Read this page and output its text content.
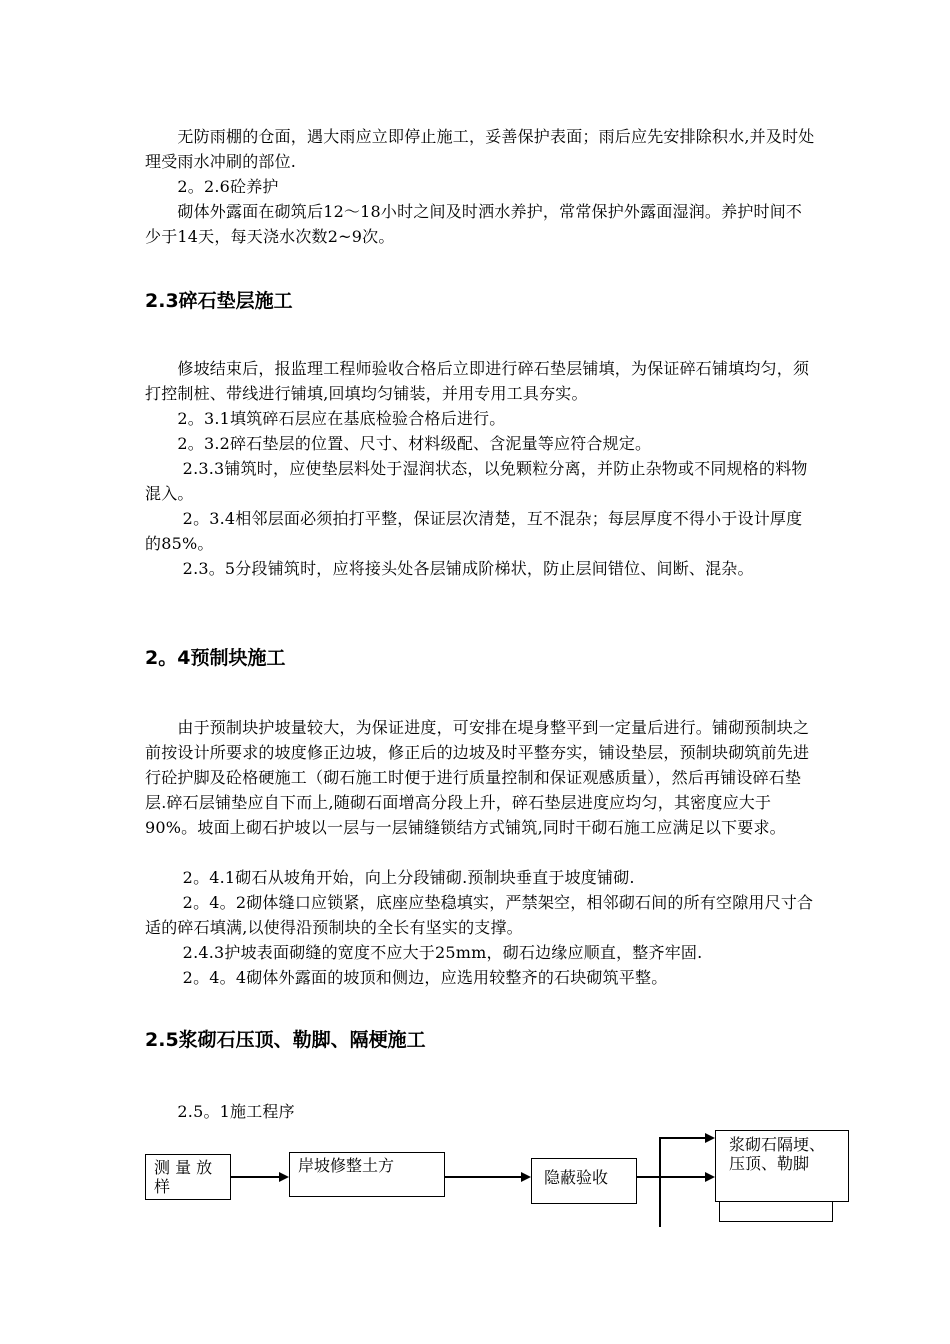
　　无防雨棚的仓面，遇大雨应立即停止施工，妥善保护表面；雨后应先安排除积水,并及时处理受雨水冲刷的部位.
　　2。2.6砼养护
　　砌体外露面在砌筑后12～18小时之间及时洒水养护，常常保护外露面湿润。养护时间不少于14天，每天浇水次数2~9次。
2.3碎石垫层施工
　　修坡结束后，报监理工程师验收合格后立即进行碎石垫层铺填，为保证碎石铺填均匀，须打控制桩、带线进行铺填,回填均匀铺装，并用专用工具夯实。
　　2。3.1填筑碎石层应在基底检验合格后进行。
　　2。3.2碎石垫层的位置、尺寸、材料级配、含泥量等应符合规定。
　　 2.3.3铺筑时，应使垫层料处于湿润状态，以免颗粒分离，并防止杂物或不同规格的料物混入。
　　 2。3.4相邻层面必须拍打平整，保证层次清楚，互不混杂；每层厚度不得小于设计厚度的85%。
　　 2.3。5分段铺筑时，应将接头处各层铺成阶梯状，防止层间错位、间断、混杂。
2。4预制块施工
　　由于预制块护坡量较大，为保证进度，可安排在堤身整平到一定量后进行。铺砌预制块之前按设计所要求的坡度修正边坡，修正后的边坡及时平整夯实，铺设垫层，预制块砌筑前先进行砼护脚及砼格硬施工（砌石施工时便于进行质量控制和保证观感质量），然后再铺设碎石垫层.碎石层铺垫应自下而上,随砌石面增高分段上升，碎石垫层进度应均匀，其密度应大于90%。坡面上砌石护坡以一层与一层铺缝锁结方式铺筑,同时干砌石施工应满足以下要求。
　　 2。4.1砌石从坡角开始，向上分段铺砌.预制块垂直于坡度铺砌.
　　 2。4。2砌体缝口应锁紧，底座应垫稳填实，严禁架空，相邻砌石间的所有空隙用尺寸合适的碎石填满,以使得沿预制块的全长有坚实的支撑。
　　 2.4.3护坡表面砌缝的宽度不应大于25mm，砌石边缘应顺直，整齐牢固.
　　 2。4。4砌体外露面的坡顶和侧边，应选用较整齐的石块砌筑平整。
2.5浆砌石压顶、勒脚、隔梗施工
　　2.5。1施工程序
测 量 放 样
岸坡修整土方
隐蔽验收
浆砌石隔埂、压顶、勒脚
